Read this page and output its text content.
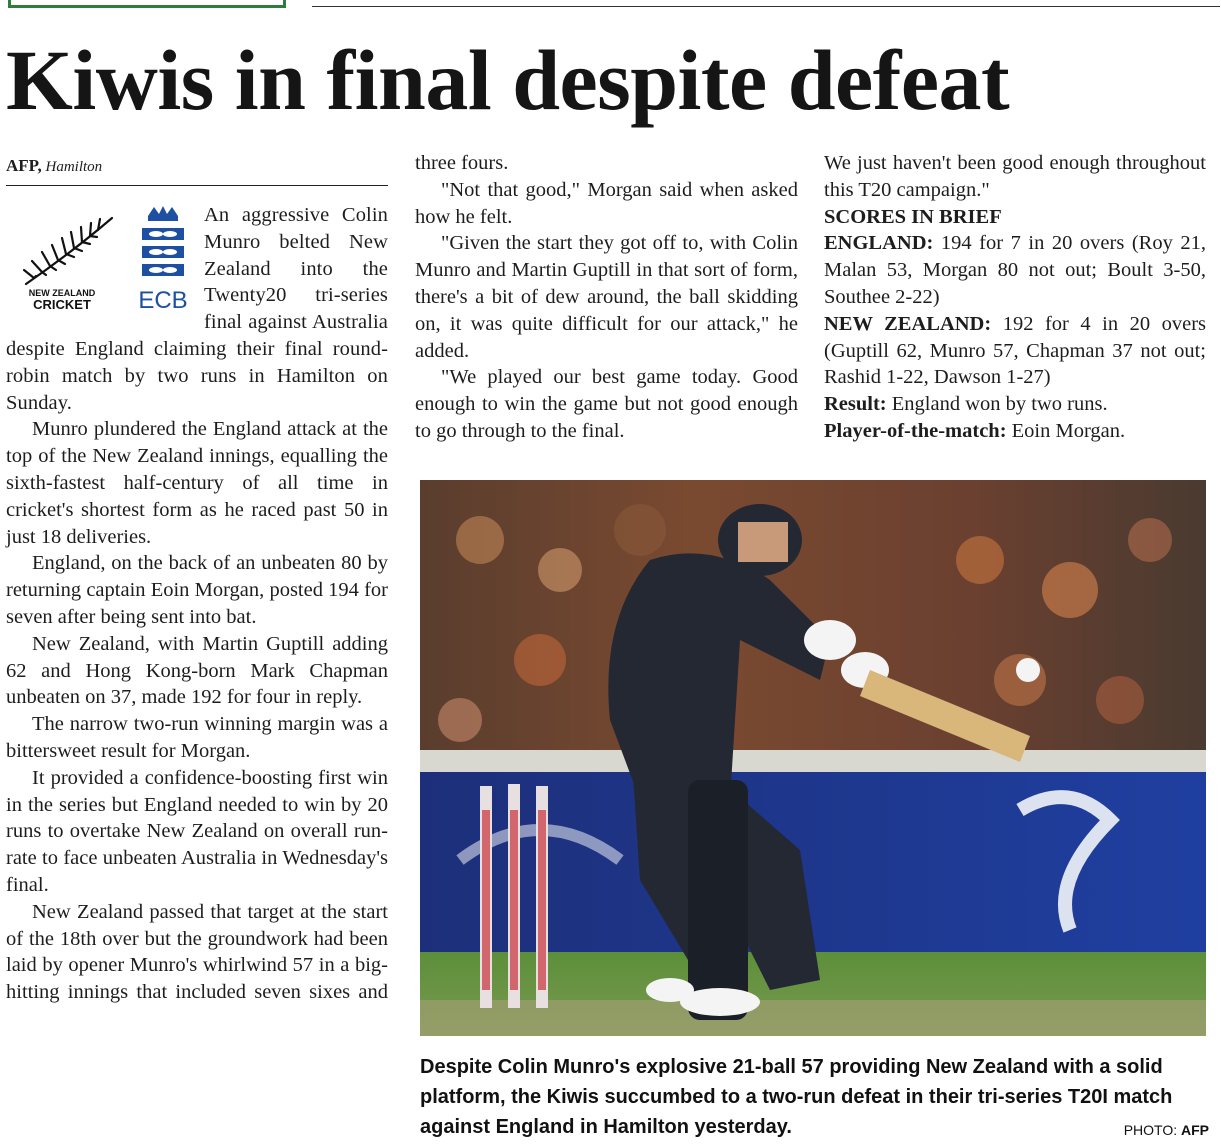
Kiwis in final despite defeat
AFP, Hamilton
NEW ZEALAND
CRICKET ECB

An aggressive Colin Munro belted New Zealand into the Twenty20 tri-series final against Australia despite England claiming their final round-robin match by two runs in Hamilton on Sunday.

Munro plundered the England attack at the top of the New Zealand innings, equalling the sixth-fastest half-century of all time in cricket's shortest form as he raced past 50 in just 18 deliveries.

England, on the back of an unbeaten 80 by returning captain Eoin Morgan, posted 194 for seven after being sent into bat.

New Zealand, with Martin Guptill adding 62 and Hong Kong-born Mark Chapman unbeaten on 37, made 192 for four in reply.

The narrow two-run winning margin was a bittersweet result for Morgan.

It provided a confidence-boosting first win in the series but England needed to win by 20 runs to overtake New Zealand on overall run-rate to face unbeaten Australia in Wednesday's final.

New Zealand passed that target at the start of the 18th over but the groundwork had been laid by opener Munro's whirlwind 57 in a big-hitting innings that included seven sixes and

three fours.

"Not that good," Morgan said when asked how he felt.

"Given the start they got off to, with Colin Munro and Martin Guptill in that sort of form, there's a bit of dew around, the ball skidding on, it was quite difficult for our attack," he added.

"We played our best game today. Good enough to win the game but not good enough to go through to the final.

We just haven't been good enough throughout this T20 campaign."

SCORES IN BRIEF

ENGLAND: 194 for 7 in 20 overs (Roy 21, Malan 53, Morgan 80 not out; Boult 3-50, Southee 2-22)

NEW ZEALAND: 192 for 4 in 20 overs (Guptill 62, Munro 57, Chapman 37 not out; Rashid 1-22, Dawson 1-27)

Result: England won by two runs.

Player-of-the-match: Eoin Morgan.

Despite Colin Munro's explosive 21-ball 57 providing New Zealand with a solid platform, the Kiwis succumbed to a two-run defeat in their tri-series T20I match against England in Hamilton yesterday.	PHOTO: AFP
